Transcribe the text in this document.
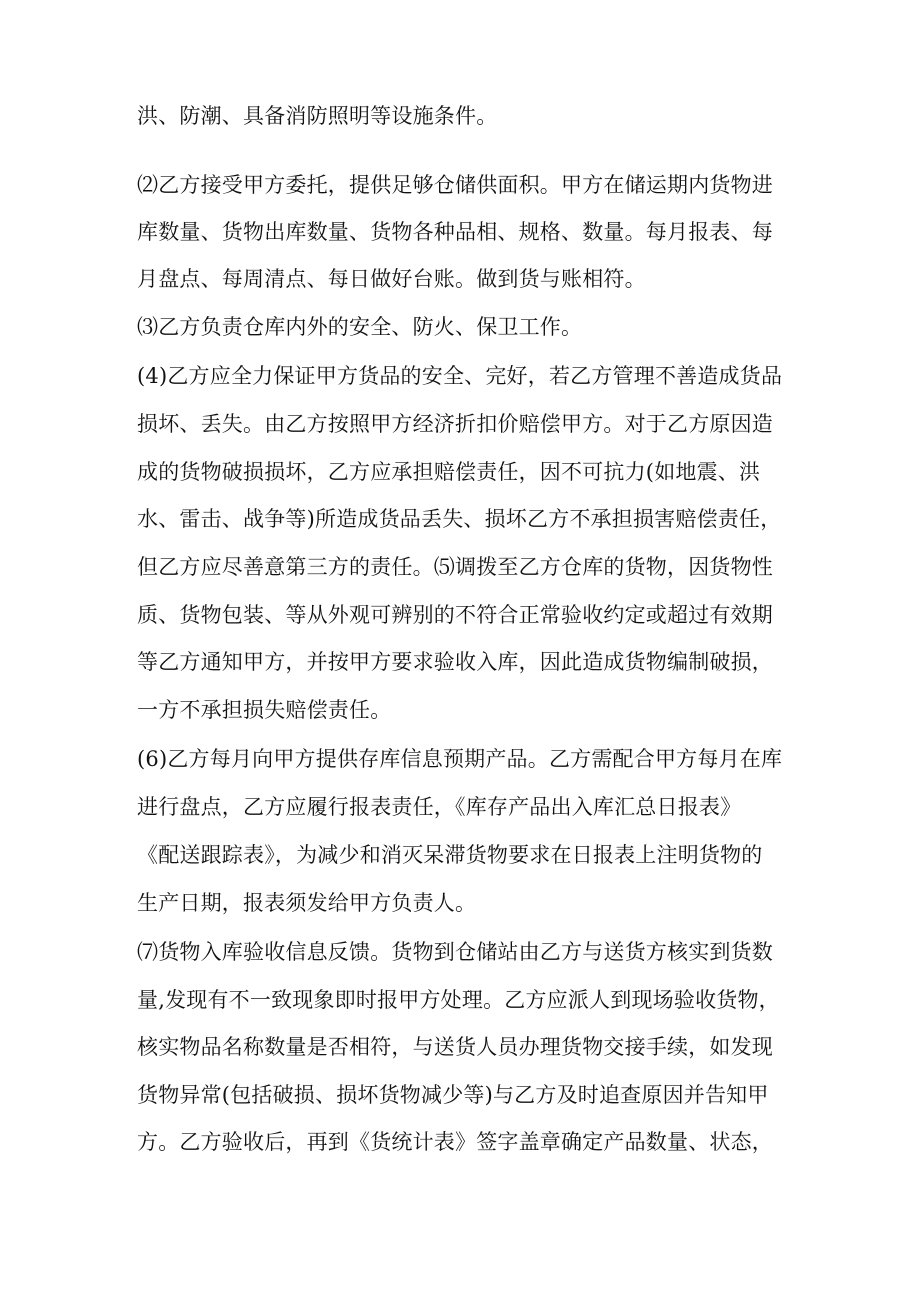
洪、防潮、具备消防照明等设施条件。
⑵乙方接受甲方委托，提供足够仓储供面积。甲方在储运期内货物进
库数量、货物出库数量、货物各种品相、规格、数量。每月报表、每
月盘点、每周清点、每日做好台账。做到货与账相符。
⑶乙方负责仓库内外的安全、防火、保卫工作。
(4)乙方应全力保证甲方货品的安全、完好，若乙方管理不善造成货品
损坏、丢失。由乙方按照甲方经济折扣价赔偿甲方。对于乙方原因造
成的货物破损损坏，乙方应承担赔偿责任，因不可抗力(如地震、洪
水、雷击、战争等)所造成货品丢失、损坏乙方不承担损害赔偿责任，
但乙方应尽善意第三方的责任。⑸调拨至乙方仓库的货物，因货物性
质、货物包装、等从外观可辨别的不符合正常验收约定或超过有效期
等乙方通知甲方，并按甲方要求验收入库，因此造成货物编制破损，
一方不承担损失赔偿责任。
(6)乙方每月向甲方提供存库信息预期产品。乙方需配合甲方每月在库
进行盘点，乙方应履行报表责任，《库存产品出入库汇总日报表》
《配送跟踪表》，为减少和消灭呆滞货物要求在日报表上注明货物的
生产日期，报表须发给甲方负责人。
⑺货物入库验收信息反馈。货物到仓储站由乙方与送货方核实到货数
量,发现有不一致现象即时报甲方处理。乙方应派人到现场验收货物，
核实物品名称数量是否相符，与送货人员办理货物交接手续，如发现
货物异常(包括破损、损坏货物减少等)与乙方及时追查原因并告知甲
方。乙方验收后，再到《货统计表》签字盖章确定产品数量、状态，
